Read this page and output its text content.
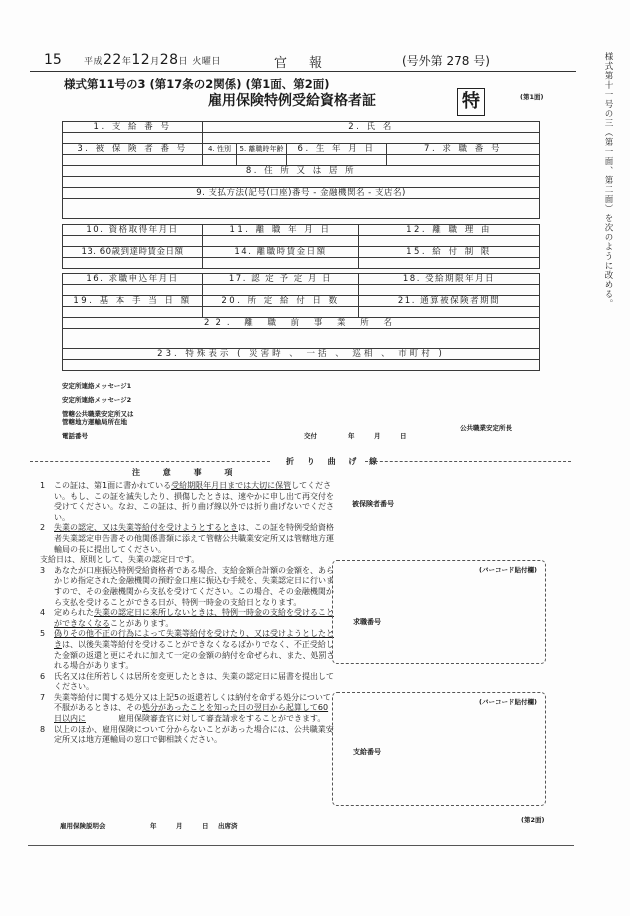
15 平成22年12月28日 火曜日	官報	(号外第 278 号)
様式第11号の3 (第17条の2関係) (第1面、第2面)
雇用保険特例受給資格者証	特	(第1面)	様式第十一号の三（第一面、第二面）を次のように改める。
1. 支 給 番 号	2. 氏 名			

3. 被 保 険 者 番 号	4. 性別	5. 離職時年齢	6. 生 年 月 日	7. 求 職 番 号

8. 住 所 又 は 居 所				

9. 支払方法(記号(口座)番号 - 金融機関名 - 支店名)				

10. 資格取得年月日	11. 離 職 年 月 日	12. 離 職 理 由

13. 60歳到達時賃金日額	14. 離職時賃金日額	15. 給 付 制 限

16. 求職申込年月日	17. 認 定 予 定 月 日	18. 受給期限年月日

19. 基 本 手 当 日 額	20. 所 定 給 付 日 数	21. 通算被保険者期間

22. 離 職 前 事 業 所 名		

23. 特殊表示 ( 災害時 、 一括 、 巡相 、 市町村 )		

安定所連絡メッセージ1
安定所連絡メッセージ2
管轄公共職業安定所又は
管轄地方運輸局所在地
電話番号	交付	年	月	日
公共職業安定所長
折 り 曲 げ 線
注 意 事 項
1	この証は、第1面に書かれている受給期限年月日までは大切に保管してください。もし、この証を滅失したり、損傷したときは、速やかに申し出て再交付を受けてください。なお、この証は、折り曲げ線以外では折り曲げないでください。
2	失業の認定、又は失業等給付を受けようとするときは、この証を特例受給資格者失業認定申告書その他関係書類に添えて管轄公共職業安定所又は管轄地方運輸局の長に提出してください。
支給日は、原則として、失業の認定日です。
3	あなたが口座振込特例受給資格者である場合、支給金額合計額の金額を、あらかじめ指定された金融機関の預貯金口座に振込む手続を、失業認定日に行いますので、その金融機関から支払を受けてください。この場合、その金融機関から支払を受けることができる日が、特例一時金の支給日となります。
4	定められた失業の認定日に来所しないときは、特例一時金の支給を受けることができなくなることがあります。
5	偽りその他不正の行為によって失業等給付を受けたり、又は受けようとしたときは、以後失業等給付を受けることができなくなるばかりでなく、不正受給した金額の返還と更にそれに加えて一定の金額の納付を命ぜられ、また、処罰される場合があります。
6	氏名又は住所若しくは居所を変更したときは、失業の認定日に届書を提出してください。
7	失業等給付に関する処分又は上記5の返還若しくは納付を命ずる処分について不服があるときは、その処分があったことを知った日の翌日から起算して60日以内に　　　　雇用保険審査官に対して審査請求をすることができます。
8	以上のほか、雇用保険について分からないことがあった場合には、公共職業安定所又は地方運輸局の窓口で御相談ください。
被保険者番号
(バーコード貼付欄)
求職番号
(バーコード貼付欄)
支給番号
(第2面)
雇用保険説明会	年	月	日 出席済
